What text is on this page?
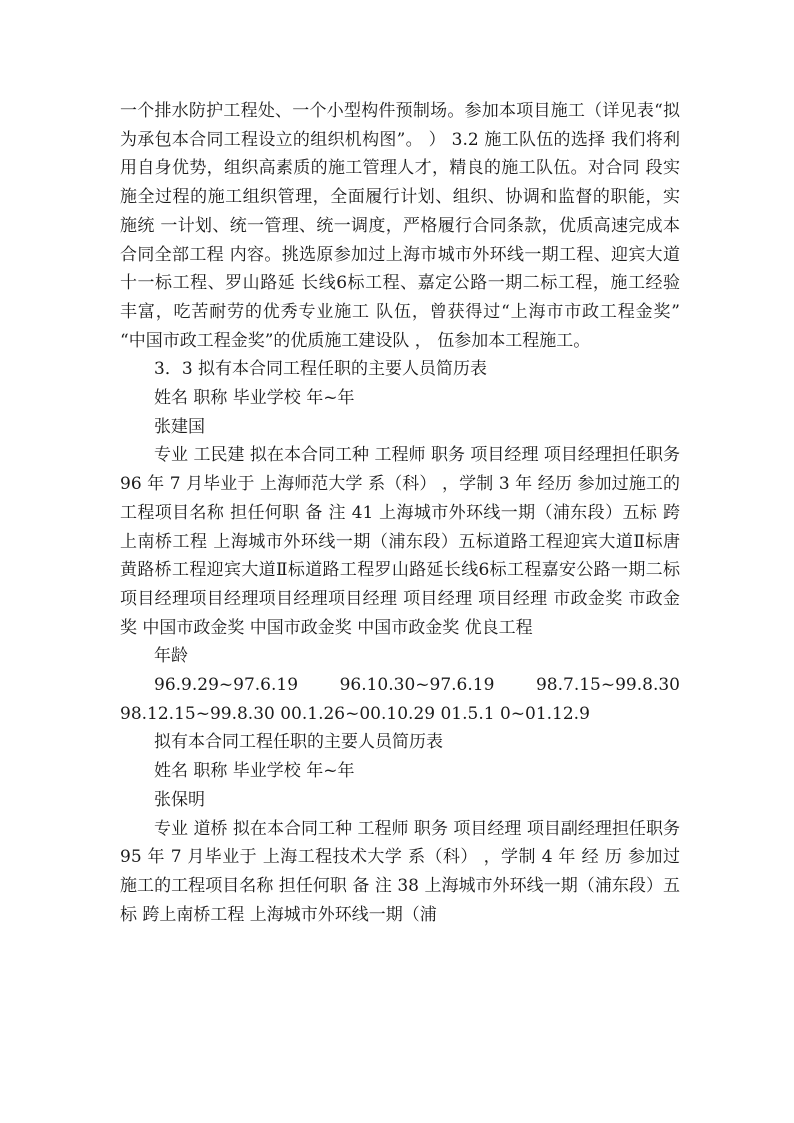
一个排水防护工程处、一个小型构件预制场。参加本项目施工（详见表“拟 为承包本合同工程设立的组织机构图”。 ） 3.2 施工队伍的选择 我们将利用自身优势，组织高素质的施工管理人才，精良的施工队伍。对合同 段实施全过程的施工组织管理，全面履行计划、组织、协调和监督的职能，实施统 一计划、统一管理、统一调度，严格履行合同条款，优质高速完成本合同全部工程 内容。挑选原参加过上海市城市外环线一期工程、迎宾大道十一标工程、罗山路延 长线6标工程、嘉定公路一期二标工程，施工经验丰富，吃苦耐劳的优秀专业施工 队伍，曾获得过“上海市市政工程金奖” “中国市政工程金奖”的优质施工建设队 ， 伍参加本工程施工。

3．3 拟有本合同工程任职的主要人员简历表

姓名 职称 毕业学校 年~年

张建国

专业 工民建 拟在本合同工种 工程师 职务 项目经理 项目经理担任职务 96 年 7 月毕业于 上海师范大学 系（科） ，学制 3 年 经历 参加过施工的工程项目名称 担任何职 备 注 41 上海城市外环线一期（浦东段）五标 跨上南桥工程 上海城市外环线一期（浦东段）五标道路工程迎宾大道Ⅱ标唐黄路桥工程迎宾大道Ⅱ标道路工程罗山路延长线6标工程嘉安公路一期二标项目经理项目经理项目经理项目经理 项目经理 项目经理 市政金奖 市政金奖 中国市政金奖 中国市政金奖 中国市政金奖 优良工程

年龄

96.9.29~97.6.19 96.10.30~97.6.19 98.7.15~99.8.30 98.12.15~99.8.30 00.1.26~00.10.29 01.5.1 0~01.12.9

拟有本合同工程任职的主要人员简历表

姓名 职称 毕业学校 年~年

张保明

专业 道桥 拟在本合同工种 工程师 职务 项目经理 项目副经理担任职务 95 年 7 月毕业于 上海工程技术大学 系（科） ，学制 4 年 经 历 参加过施工的工程项目名称 担任何职 备 注 38 上海城市外环线一期（浦东段）五标 跨上南桥工程 上海城市外环线一期（浦
